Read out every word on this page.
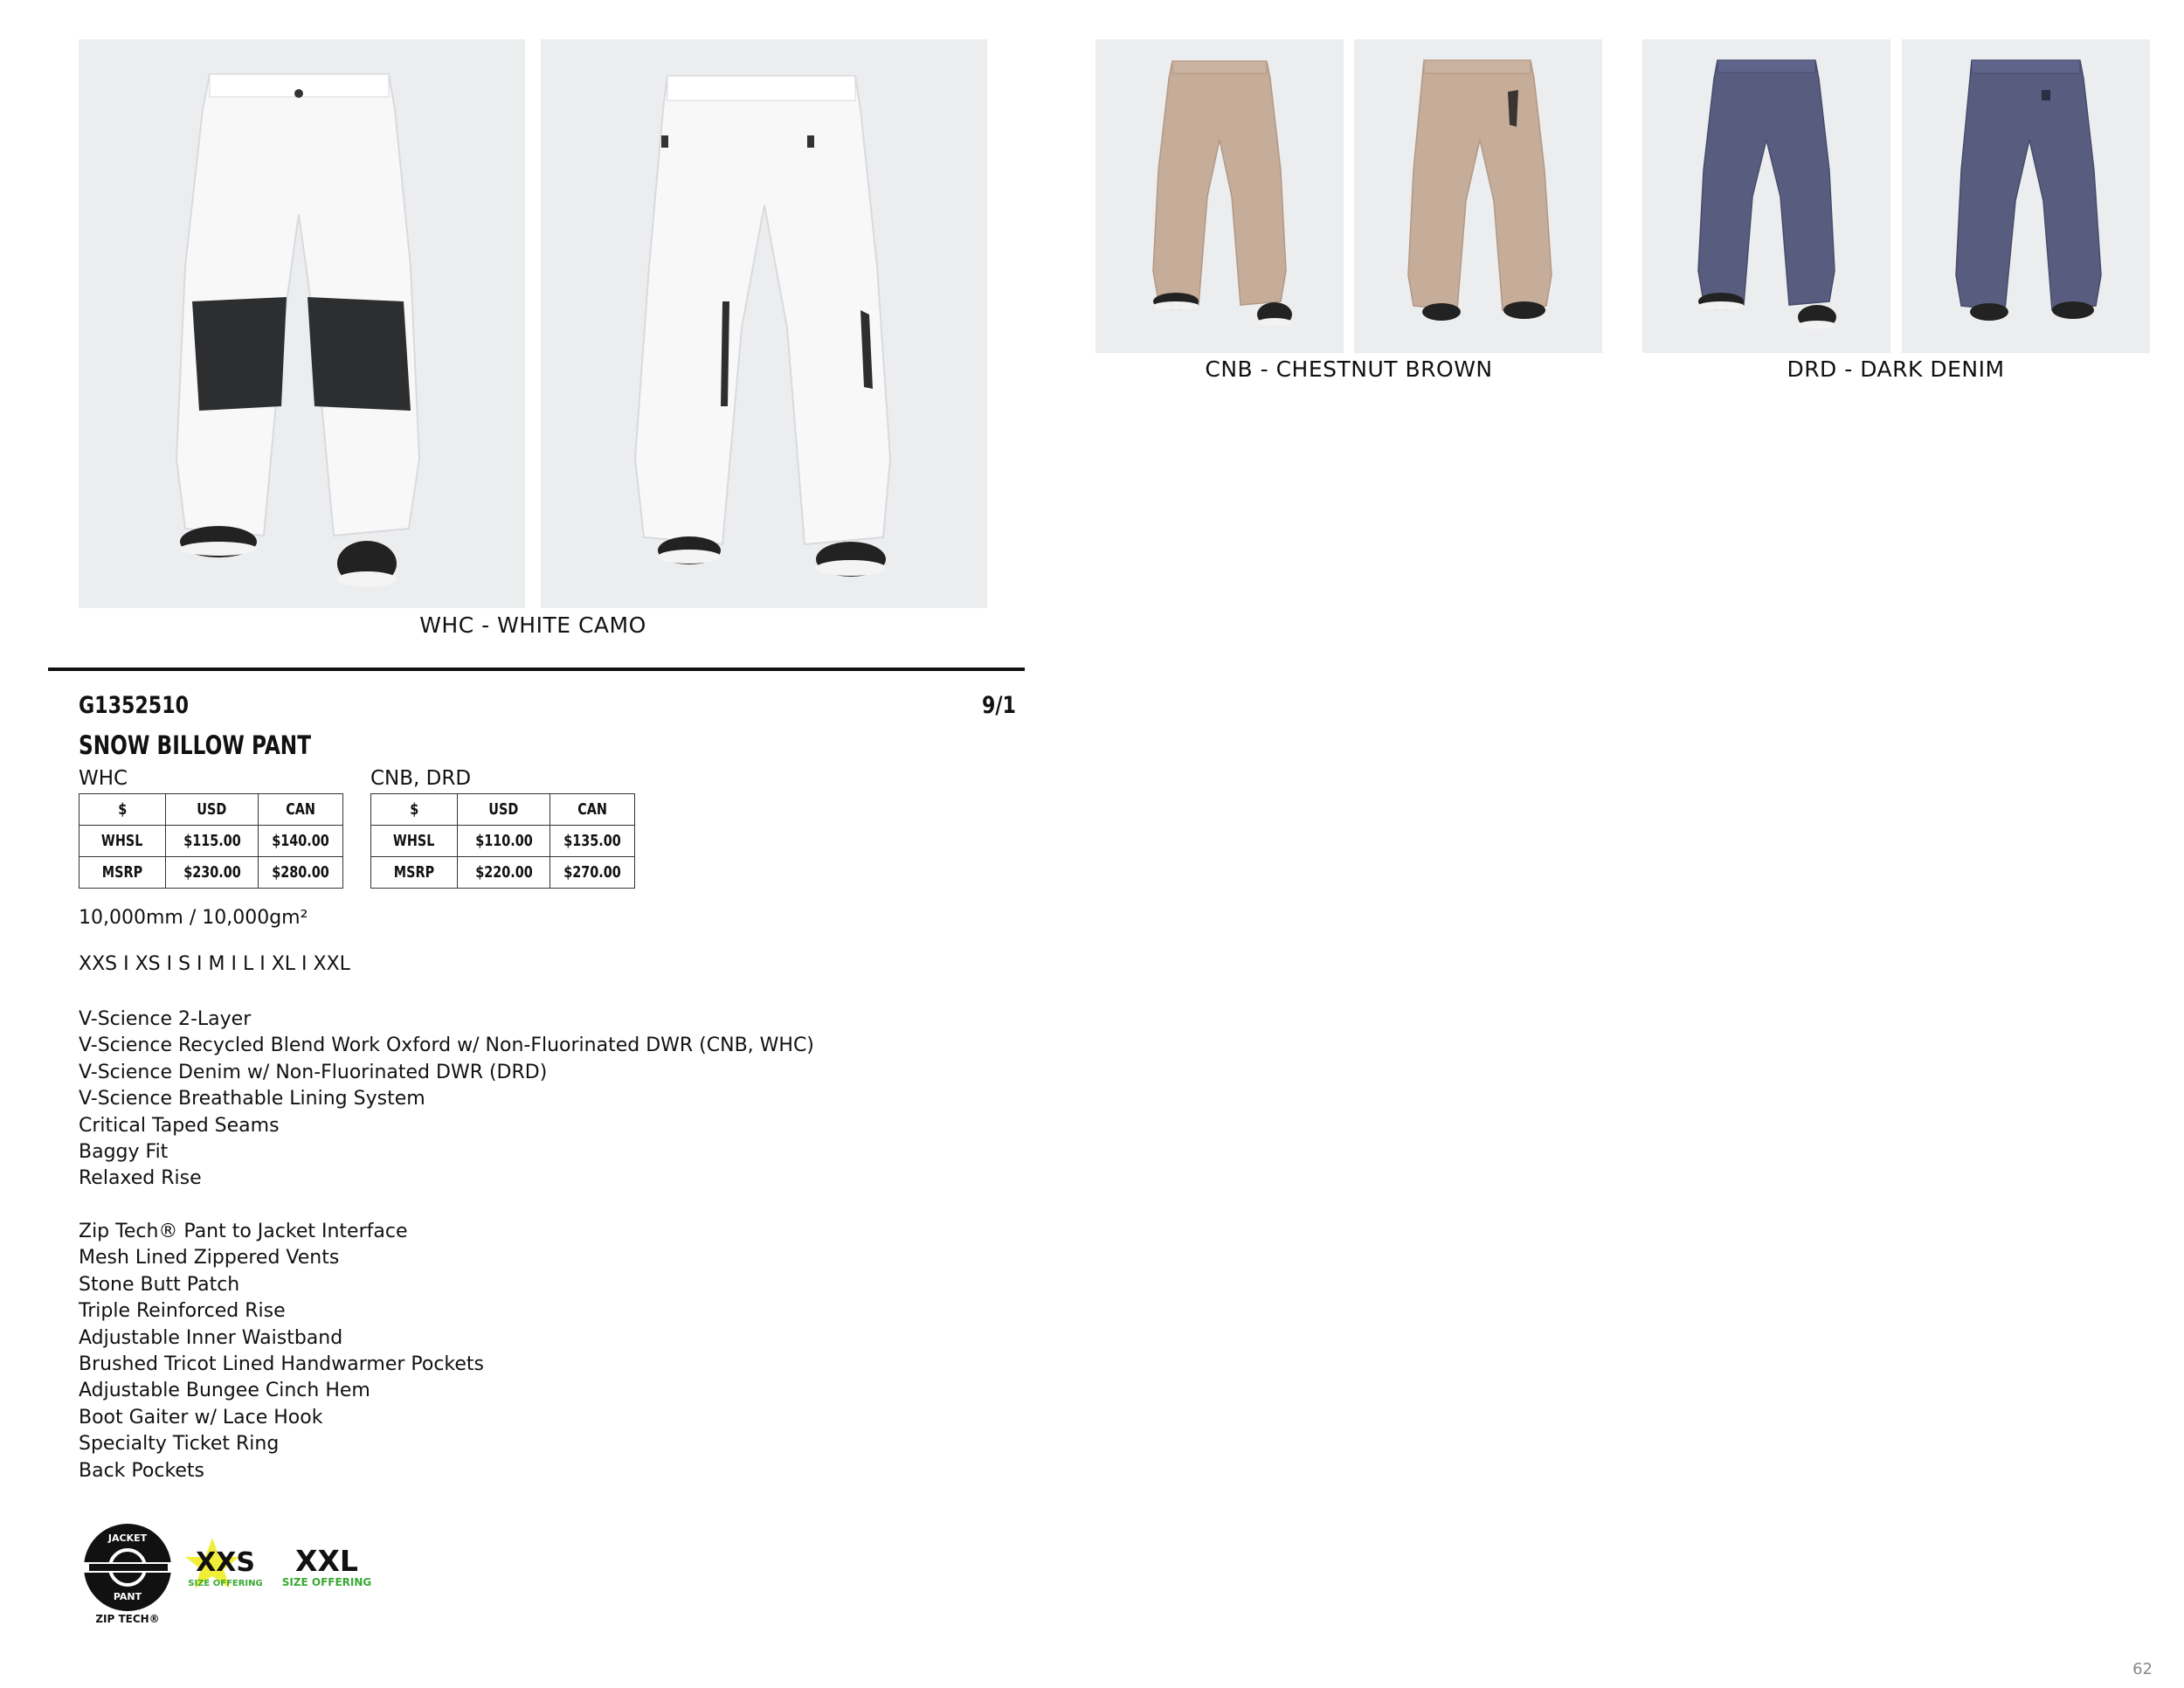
WHC - WHITE CAMO
CNB - CHESTNUT BROWN	DRD - DARK DENIM
G1352510	9/1
SNOW BILLOW PANT
WHC
$	USD	CAN
WHSL	$115.00	$140.00
MSRP	$230.00	$280.00
CNB, DRD
$	USD	CAN
WHSL	$110.00	$135.00
MSRP	$220.00	$270.00
10,000mm / 10,000gm²
XXS I XS I S I M I L I XL I XXL
V-Science 2-Layer
V-Science Recycled Blend Work Oxford w/ Non-Fluorinated DWR (CNB, WHC)
V-Science Denim w/ Non-Fluorinated DWR (DRD)
V-Science Breathable Lining System
Critical Taped Seams
Baggy Fit
Relaxed Rise
Zip Tech® Pant to Jacket Interface
Mesh Lined Zippered Vents
Stone Butt Patch
Triple Reinforced Rise
Adjustable Inner Waistband
Brushed Tricot Lined Handwarmer Pockets
Adjustable Bungee Cinch Hem
Boot Gaiter w/ Lace Hook
Specialty Ticket Ring
Back Pockets
JACKET
PANT
ZIP TECH®
XXS
SIZE OFFERING
XXL
SIZE OFFERING
62
